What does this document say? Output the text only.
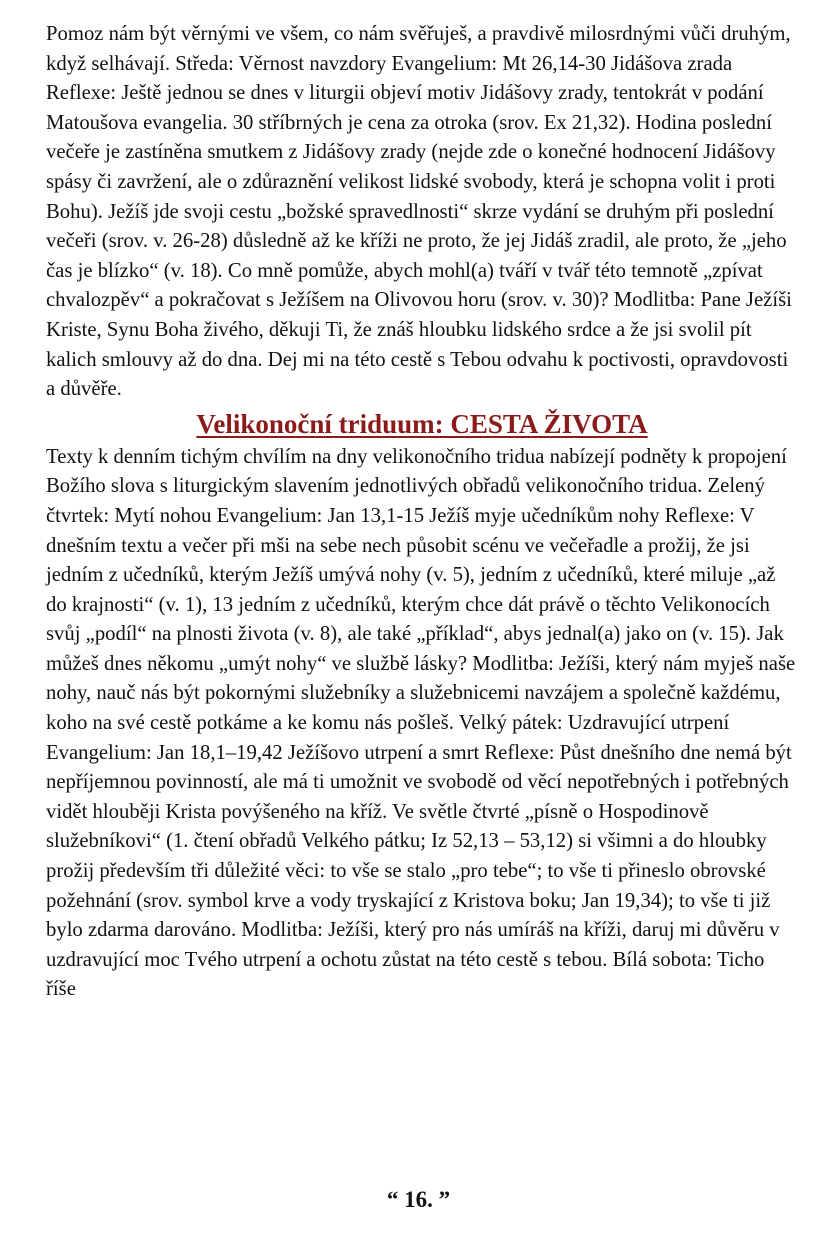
Pomoz nám být věrnými ve všem, co nám svěřuješ, a pravdivě milosrdnými vůči druhým, když selhávají. Středa: Věrnost navzdory Evangelium: Mt 26,14-30 Jidášova zrada Reflexe: Ještě jednou se dnes v liturgii objeví motiv Jidášovy zrady, tentokrát v podání Matoušova evangelia. 30 stříbrných je cena za otroka (srov. Ex 21,32). Hodina poslední večeře je zastíněna smutkem z Jidášovy zrady (nejde zde o konečné hodnocení Jidášovy spásy či zavržení, ale o zdůraznění velikost lidské svobody, která je schopna volit i proti Bohu). Ježíš jde svoji cestu „božské spravedlnosti“ skrze vydání se druhým při poslední večeři (srov. v. 26-28) důsledně až ke kříži ne proto, že jej Jidáš zradil, ale proto, že „jeho čas je blízko“ (v. 18). Co mně pomůže, abych mohl(a) tváří v tvář této temnotě „zpívat chvalozpěv“ a pokračovat s Ježíšem na Olivovou horu (srov. v. 30)? Modlitba: Pane Ježíši Kriste, Synu Boha živého, děkuji Ti, že znáš hloubku lidského srdce a že jsi svolil pít kalich smlouvy až do dna. Dej mi na této cestě s Tebou odvahu k poctivosti, opravdovosti a důvěře.

Velikonoční triduum: CESTA ŽIVOTA

Texty k denním tichým chvílím na dny velikonočního tridua nabízejí podněty k propojení Božího slova s liturgickým slavením jednotlivých obřadů velikonočního tridua. Zelený čtvrtek: Mytí nohou Evangelium: Jan 13,1-15 Ježíš myje učedníkům nohy Reflexe: V dnešním textu a večer při mši na sebe nech působit scénu ve večeřadle a prožij, že jsi jedním z učedníků, kterým Ježíš umývá nohy (v. 5), jedním z učedníků, které miluje „až do krajnosti“ (v. 1), 13 jedním z učedníků, kterým chce dát právě o těchto Velikonocích svůj „podíl“ na plnosti života (v. 8), ale také „příklad“, abys jednal(a) jako on (v. 15). Jak můžeš dnes někomu „umýt nohy“ ve službě lásky? Modlitba: Ježíši, který nám myješ naše nohy, nauč nás být pokornými služebníky a služebnicemi navzájem a společně každému, koho na své cestě potkáme a ke komu nás pošleš. Velký pátek: Uzdravující utrpení Evangelium: Jan 18,1–19,42 Ježíšovo utrpení a smrt Reflexe: Půst dnešního dne nemá být nepříjemnou povinností, ale má ti umožnit ve svobodě od věcí nepotřebných i potřebných vidět hlouběji Krista povýšeného na kříž. Ve světle čtvrté „písně o Hospodinově služebníkovi“ (1. čtení obřadů Velkého pátku; Iz 52,13 – 53,12) si všimni a do hloubky prožij především tři důležité věci: to vše se stalo „pro tebe“; to vše ti přineslo obrovské požehnání (srov. symbol krve a vody tryskající z Kristova boku; Jan 19,34); to vše ti již bylo zdarma darováno. Modlitba: Ježíši, který pro nás umíráš na kříži, daruj mi důvěru v uzdravující moc Tvého utrpení a ochotu zůstat na této cestě s tebou. Bílá sobota: Ticho říše

“ 16. ”
